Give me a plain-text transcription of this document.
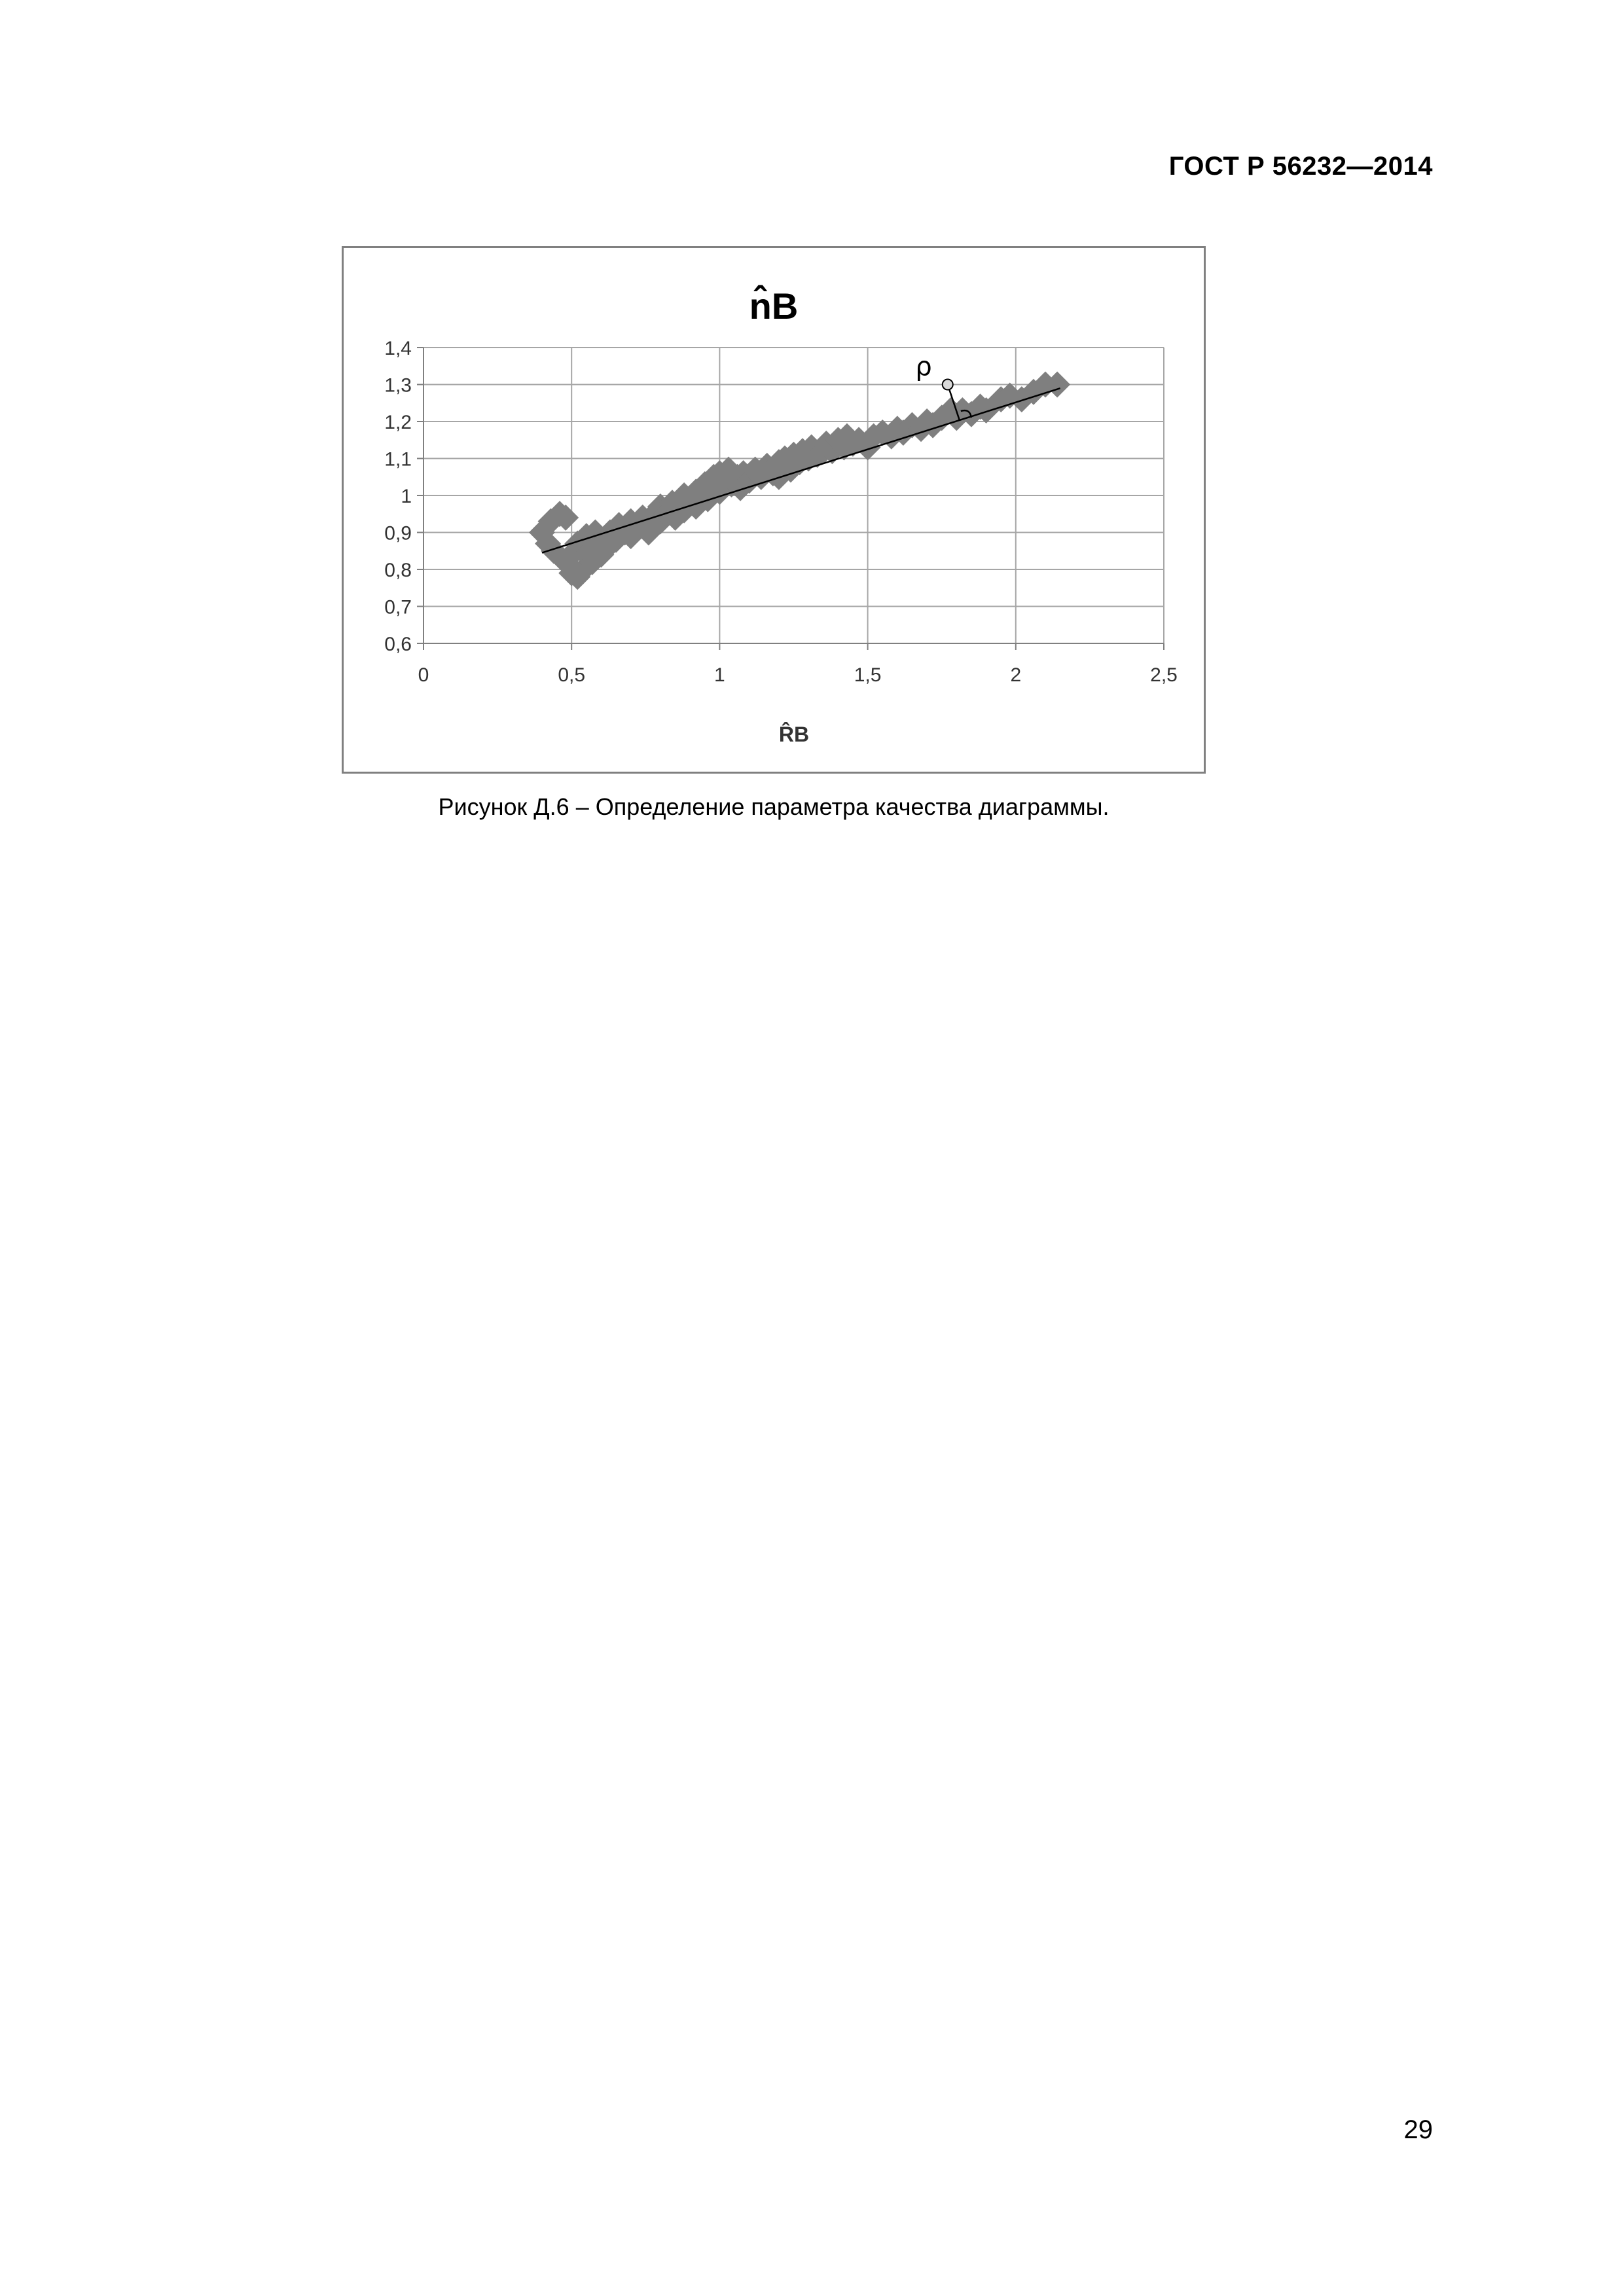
ГОСТ Р 56232—2014
ρ
0,6
0,7
0,8
0,9
1
1,1
1,2
1,3
1,4
0	0,5	1	1,5	2	2,5
n̂B
R̂B
Рисунок Д.6 – Определение параметра качества диаграммы.
29
